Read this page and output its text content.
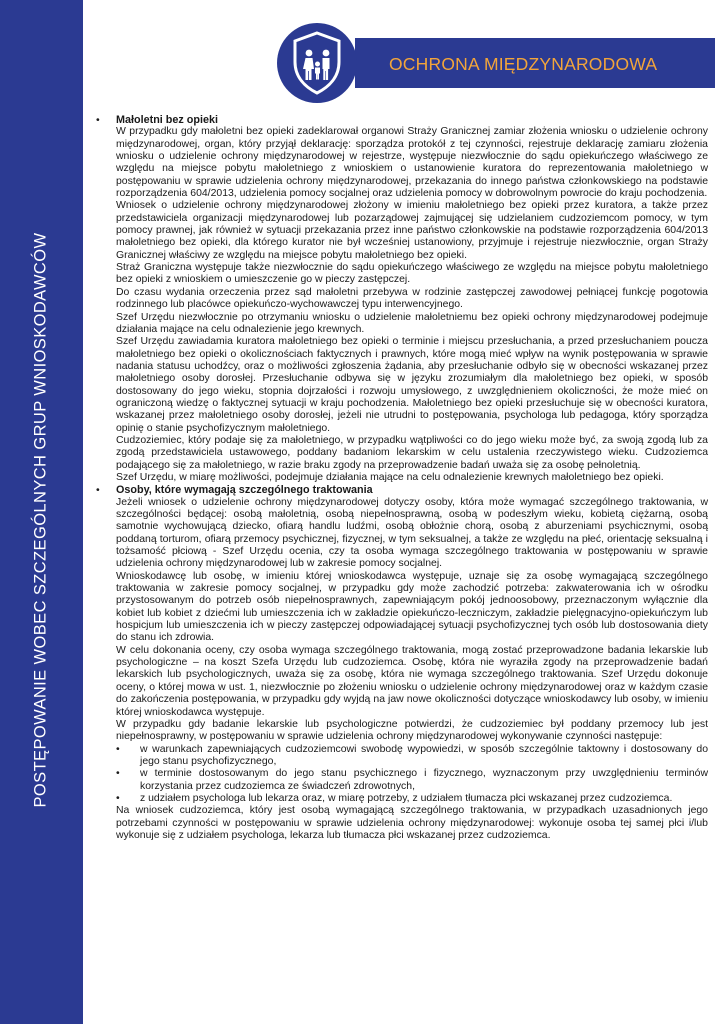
POSTĘPOWANIE WOBEC SZCZEGÓLNYCH GRUP WNIOSKODAWCÓW
OCHRONA MIĘDZYNARODOWA
• Małoletni bez opieki

W przypadku gdy małoletni bez opieki zadeklarował organowi Straży Granicznej zamiar złożenia wniosku o udzielenie ochrony międzynarodowej, organ, który przyjął deklarację: sporządza protokół z tej czynności, rejestruje deklarację zamiaru złożenia wniosku o udzielenie ochrony międzynarodowej w rejestrze, występuje niezwłocznie do sądu opiekuńczego właściwego ze względu na miejsce pobytu małoletniego z wnioskiem o ustanowienie kuratora do reprezentowania małoletniego w postępowaniu w sprawie udzielenia ochrony międzynarodowej, przekazania do innego państwa członkowskiego na podstawie rozporządzenia 604/2013, udzielenia pomocy socjalnej oraz udzielenia pomocy w dobrowolnym powrocie do kraju pochodzenia.

Wniosek o udzielenie ochrony międzynarodowej złożony w imieniu małoletniego bez opieki przez kuratora, a także przez przedstawiciela organizacji międzynarodowej lub pozarządowej zajmującej się udzielaniem cudzoziemcom pomocy, w tym pomocy prawnej, jak również w sytuacji przekazania przez inne państwo członkowskie na podstawie rozporządzenia 604/2013 małoletniego bez opieki, dla którego kurator nie był wcześniej ustanowiony, przyjmuje i rejestruje niezwłocznie, organ Straży Granicznej właściwy ze względu na miejsce pobytu małoletniego bez opieki.

Straż Graniczna występuje także niezwłocznie do sądu opiekuńczego właściwego ze względu na miejsce pobytu małoletniego bez opieki z wnioskiem o umieszczenie go w pieczy zastępczej.

Do czasu wydania orzeczenia przez sąd małoletni przebywa w rodzinie zastępczej zawodowej pełniącej funkcję pogotowia rodzinnego lub placówce opiekuńczo-wychowawczej typu interwencyjnego.

Szef Urzędu niezwłocznie po otrzymaniu wniosku o udzielenie małoletniemu bez opieki ochrony międzynarodowej podejmuje działania mające na celu odnalezienie jego krewnych.

Szef Urzędu zawiadamia kuratora małoletniego bez opieki o terminie i miejscu przesłuchania, a przed przesłuchaniem poucza małoletniego bez opieki o okolicznościach faktycznych i prawnych, które mogą mieć wpływ na wynik postępowania w sprawie nadania statusu uchodźcy, oraz o możliwości zgłoszenia żądania, aby przesłuchanie odbyło się w obecności wskazanej przez małoletniego osoby dorosłej. Przesłuchanie odbywa się w języku zrozumiałym dla małoletniego bez opieki, w sposób dostosowany do jego wieku, stopnia dojrzałości i rozwoju umysłowego, z uwzględnieniem okoliczności, że może mieć on ograniczoną wiedzę o faktycznej sytuacji w kraju pochodzenia. Małoletniego bez opieki przesłuchuje się w obecności kuratora, wskazanej przez małoletniego osoby dorosłej, jeżeli nie utrudni to postępowania, psychologa lub pedagoga, który sporządza opinię o stanie psychofizycznym małoletniego.

Cudzoziemiec, który podaje się za małoletniego, w przypadku wątpliwości co do jego wieku może być, za swoją zgodą lub za zgodą przedstawiciela ustawowego, poddany badaniom lekarskim w celu ustalenia rzeczywistego wieku. Cudzoziemca podającego się za małoletniego, w razie braku zgody na przeprowadzenie badań uważa się za osobę pełnoletnią.

Szef Urzędu, w miarę możliwości, podejmuje działania mające na celu odnalezienie krewnych małoletniego bez opieki.

• Osoby, które wymagają szczególnego traktowania

Jeżeli wniosek o udzielenie ochrony międzynarodowej dotyczy osoby, która może wymagać szczególnego traktowania, w szczególności będącej: osobą małoletnią, osobą niepełnosprawną, osobą w podeszłym wieku, kobietą ciężarną, osobą samotnie wychowującą dziecko, ofiarą handlu ludźmi, osobą obłożnie chorą, osobą z aburzeniami psychicznymi, osobą poddaną torturom, ofiarą przemocy psychicznej, fizycznej, w tym seksualnej, a także ze względu na płeć, orientację seksualną i tożsamość płciową - Szef Urzędu ocenia, czy ta osoba wymaga szczególnego traktowania w postępowaniu w sprawie udzielenia ochrony międzynarodowej lub w zakresie pomocy socjalnej.

Wnioskodawcę lub osobę, w imieniu której wnioskodawca występuje, uznaje się za osobę wymagającą szczególnego traktowania w zakresie pomocy socjalnej, w przypadku gdy może zachodzić potrzeba: zakwaterowania ich w ośrodku przystosowanym do potrzeb osób niepełnosprawnych, zapewniającym pokój jednoosobowy, przeznaczonym wyłącznie dla kobiet lub kobiet z dziećmi lub umieszczenia ich w zakładzie opiekuńczo-leczniczym, zakładzie pielęgnacyjno-opiekuńczym lub hospicjum lub umieszczenia ich w pieczy zastępczej odpowiadającej sytuacji psychofizycznej tych osób lub dostosowania diety do stanu ich zdrowia.

W celu dokonania oceny, czy osoba wymaga szczególnego traktowania, mogą zostać przeprowadzone badania lekarskie lub psychologiczne – na koszt Szefa Urzędu lub cudzoziemca. Osobę, która nie wyraziła zgody na przeprowadzenie badań lekarskich lub psychologicznych, uważa się za osobę, która nie wymaga szczególnego traktowania. Szef Urzędu dokonuje oceny, o której mowa w ust. 1, niezwłocznie po złożeniu wniosku o udzielenie ochrony międzynarodowej oraz w każdym czasie do zakończenia postępowania, w przypadku gdy wyjdą na jaw nowe okoliczności dotyczące wnioskodawcy lub osoby, w imieniu której wnioskodawca występuje.

W przypadku gdy badanie lekarskie lub psychologiczne potwierdzi, że cudzoziemiec był poddany przemocy lub jest niepełnosprawny, w postępowaniu w sprawie udzielenia ochrony międzynarodowej wykonywanie czynności następuje:

• w warunkach zapewniających cudzoziemcowi swobodę wypowiedzi, w sposób szczególnie taktowny i dostosowany do jego stanu psychofizycznego,
• w terminie dostosowanym do jego stanu psychicznego i fizycznego, wyznaczonym przy uwzględnieniu terminów korzystania przez cudzoziemca ze świadczeń zdrowotnych,
• z udziałem psychologa lub lekarza oraz, w miarę potrzeby, z udziałem tłumacza płci wskazanej przez cudzoziemca.

Na wniosek cudzoziemca, który jest osobą wymagającą szczególnego traktowania, w przypadkach uzasadnionych jego potrzebami czynności w postępowaniu w sprawie udzielenia ochrony międzynarodowej: wykonuje osoba tej samej płci i/lub wykonuje się z udziałem psychologa, lekarza lub tłumacza płci wskazanej przez cudzoziemca.
